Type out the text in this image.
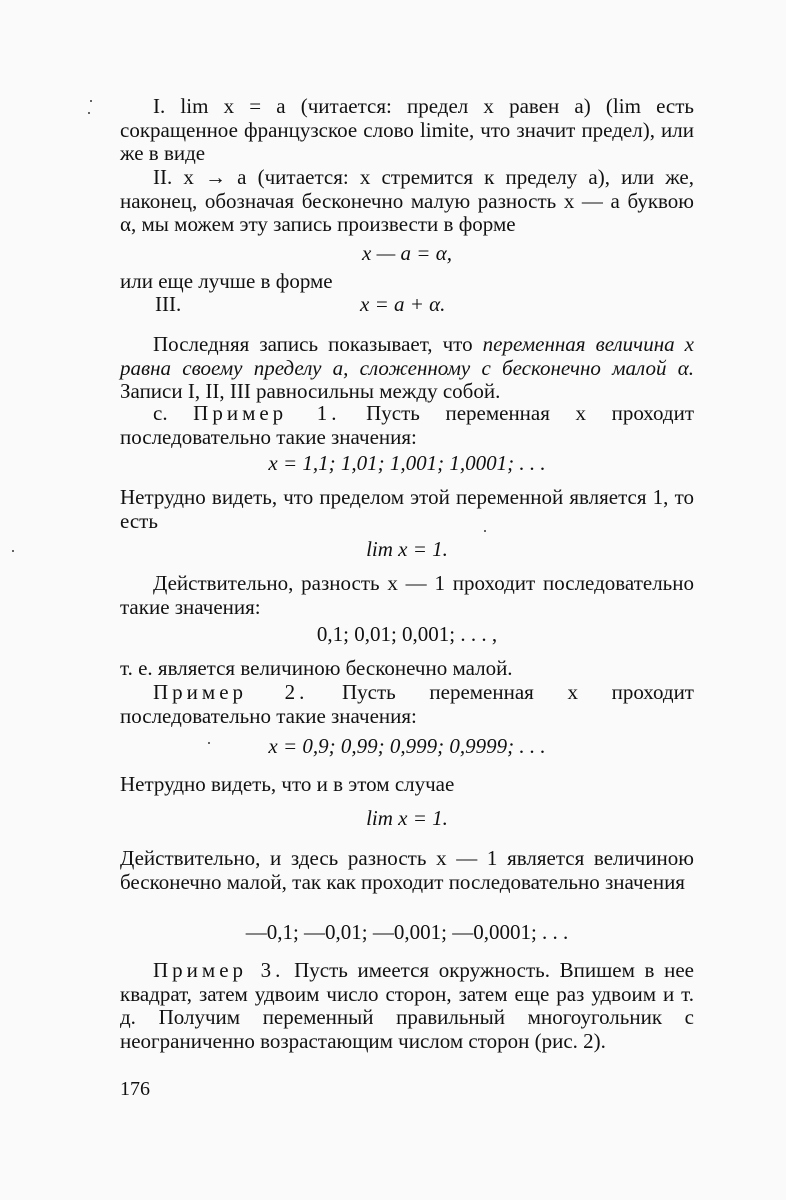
I. lim x = a (читается: предел x равен a) (lim есть сокращенное французское слово limite, что значит предел), или же в виде

II. x → a (читается: x стремится к пределу a), или же, наконец, обозначая бесконечно малую разность x — a буквою α, мы можем эту запись произвести в форме

x — a = α,

или еще лучше в форме

III.	x = a + α.

Последняя запись показывает, что переменная величина x равна своему пределу a, сложенному с бесконечно малой α. Записи I, II, III равносильны между собой.

с. Пример 1. Пусть переменная x проходит последовательно такие значения:

x = 1,1; 1,01; 1,001; 1,0001; . . .

Нетрудно видеть, что пределом этой переменной является 1, то есть

lim x = 1.

Действительно, разность x — 1 проходит последовательно такие значения:

0,1; 0,01; 0,001; . . . ,

т. е. является величиною бесконечно малой.

Пример 2. Пусть переменная x проходит последовательно такие значения:

x = 0,9; 0,99; 0,999; 0,9999; . . .

Нетрудно видеть, что и в этом случае

lim x = 1.

Действительно, и здесь разность x — 1 является величиною бесконечно малой, так как проходит последовательно значения

—0,1; —0,01; —0,001; —0,0001; . . .

Пример 3. Пусть имеется окружность. Впишем в нее квадрат, затем удвоим число сторон, затем еще раз удвоим и т. д. Получим переменный правильный многоугольник с неограниченно возрастающим числом сторон (рис. 2).

176
